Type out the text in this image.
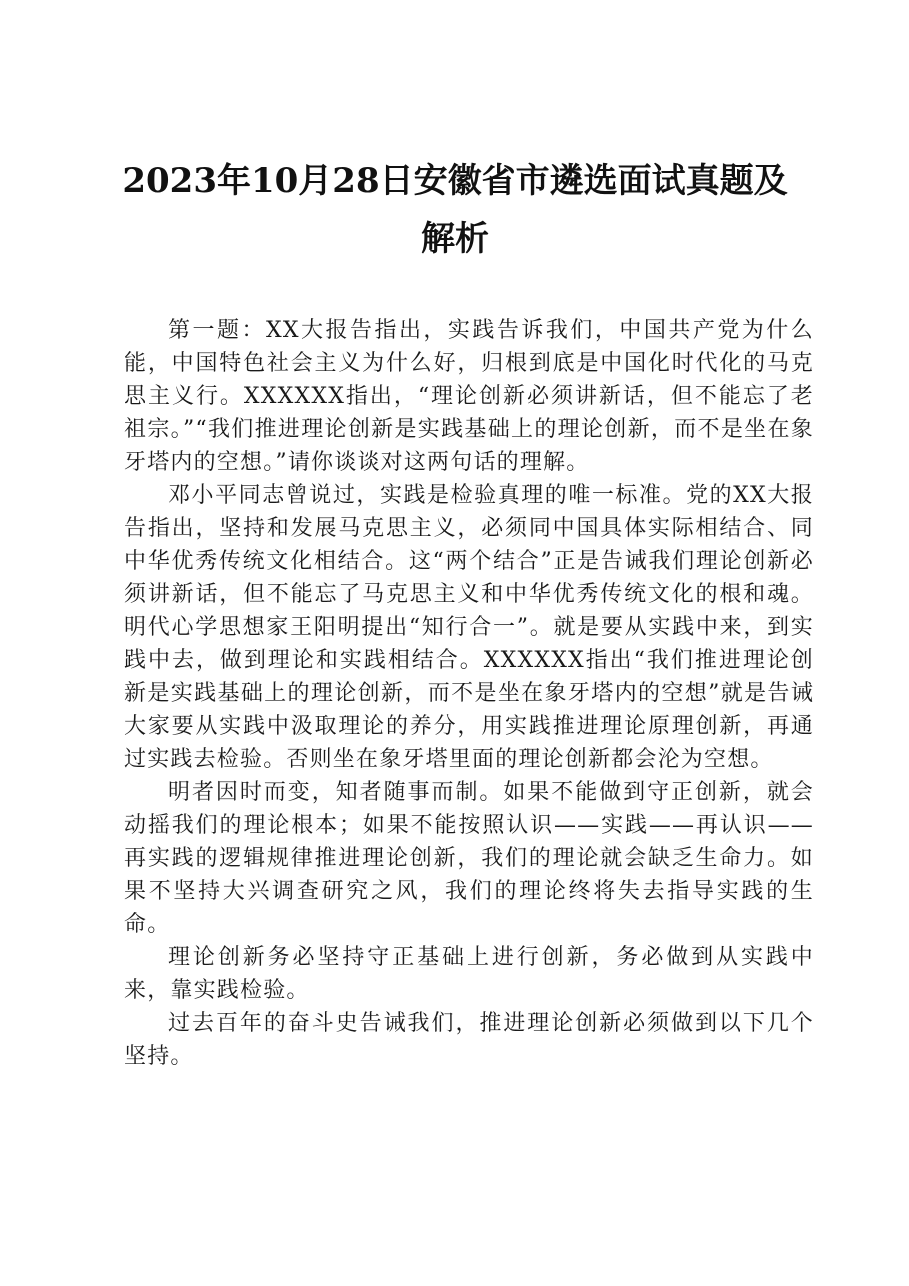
2023年10月28日安徽省市遴选面试真题及解析

第一题：XX大报告指出，实践告诉我们，中国共产党为什么能，中国特色社会主义为什么好，归根到底是中国化时代化的马克思主义行。XXXXXX指出，“理论创新必须讲新话，但不能忘了老祖宗。”“我们推进理论创新是实践基础上的理论创新，而不是坐在象牙塔内的空想。”请你谈谈对这两句话的理解。

邓小平同志曾说过，实践是检验真理的唯一标准。党的XX大报告指出，坚持和发展马克思主义，必须同中国具体实际相结合、同中华优秀传统文化相结合。这“两个结合”正是告诫我们理论创新必须讲新话，但不能忘了马克思主义和中华优秀传统文化的根和魂。明代心学思想家王阳明提出“知行合一”。就是要从实践中来，到实践中去，做到理论和实践相结合。XXXXXX指出“我们推进理论创新是实践基础上的理论创新，而不是坐在象牙塔内的空想”就是告诫大家要从实践中汲取理论的养分，用实践推进理论原理创新，再通过实践去检验。否则坐在象牙塔里面的理论创新都会沦为空想。

明者因时而变，知者随事而制。如果不能做到守正创新，就会动摇我们的理论根本；如果不能按照认识——实践——再认识——再实践的逻辑规律推进理论创新，我们的理论就会缺乏生命力。如果不坚持大兴调查研究之风，我们的理论终将失去指导实践的生命。

理论创新务必坚持守正基础上进行创新，务必做到从实践中来，靠实践检验。

过去百年的奋斗史告诫我们，推进理论创新必须做到以下几个坚持。
